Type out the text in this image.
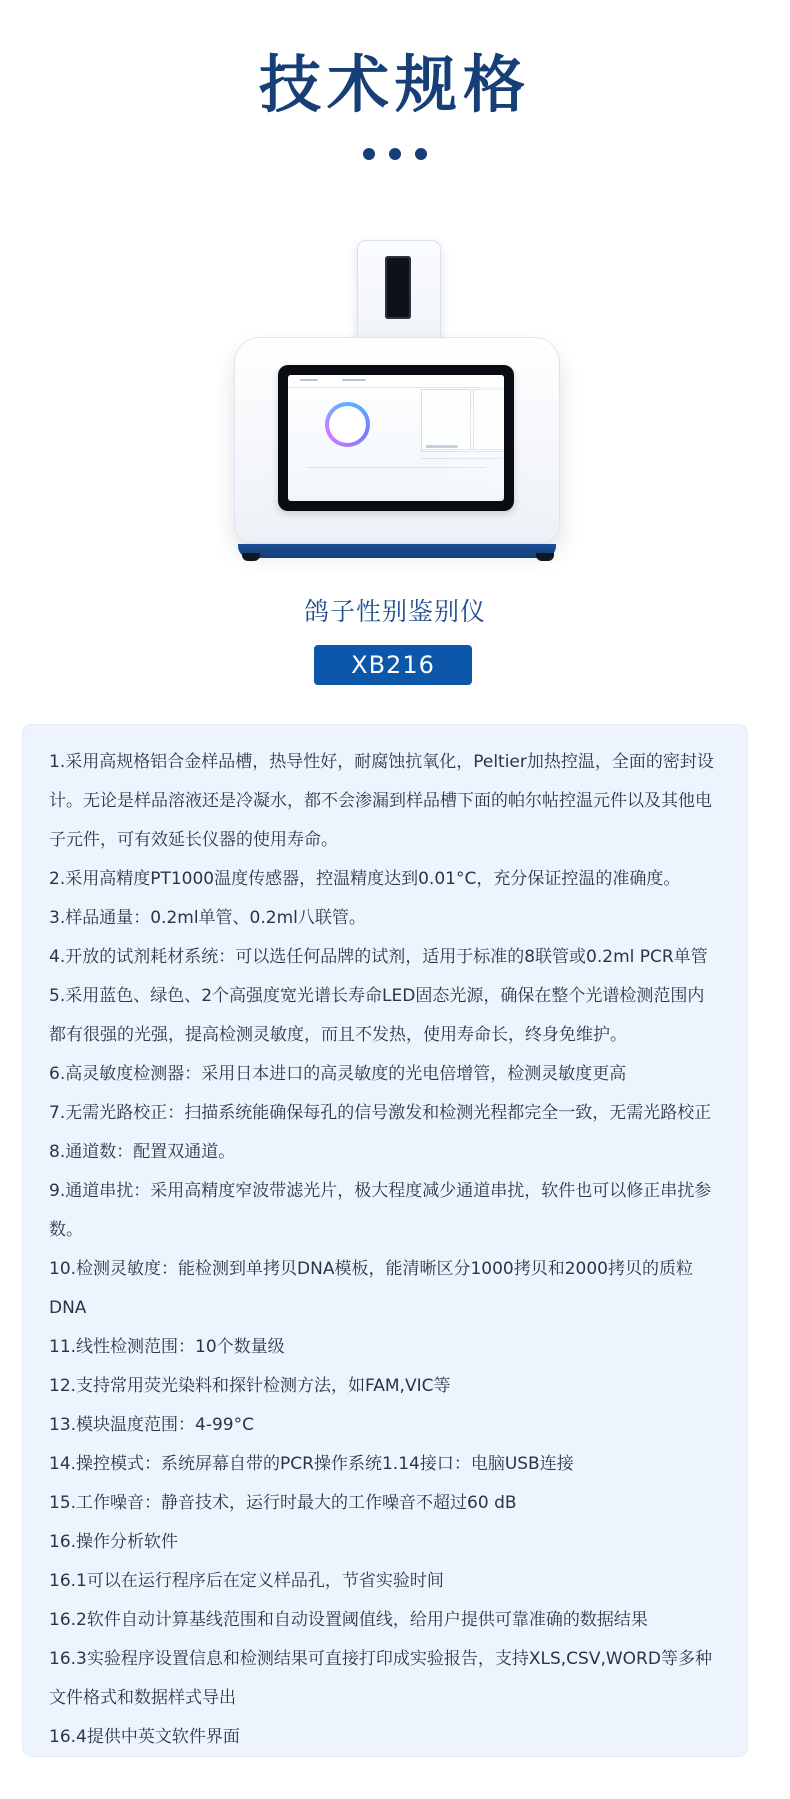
技术规格
鸽子性别鉴别仪
XB216
1.采用高规格铝合金样品槽，热导性好，耐腐蚀抗氧化，Peltier加热控温，全面的密封设计。无论是样品溶液还是冷凝水，都不会渗漏到样品槽下面的帕尔帖控温元件以及其他电子元件，可有效延长仪器的使用寿命。
2.采用高精度PT1000温度传感器，控温精度达到0.01°C，充分保证控温的准确度。
3.样品通量：0.2ml单管、0.2ml八联管。
4.开放的试剂耗材系统：可以选任何品牌的试剂，适用于标准的8联管或0.2ml PCR单管
5.采用蓝色、绿色、2个高强度宽光谱长寿命LED固态光源，确保在整个光谱检测范围内都有很强的光强，提高检测灵敏度，而且不发热，使用寿命长，终身免维护。
6.高灵敏度检测器：采用日本进口的高灵敏度的光电倍增管，检测灵敏度更高
7.无需光路校正：扫描系统能确保每孔的信号激发和检测光程都完全一致，无需光路校正
8.通道数：配置双通道。
9.通道串扰：采用高精度窄波带滤光片，极大程度减少通道串扰，软件也可以修正串扰参数。
10.检测灵敏度：能检测到单拷贝DNA模板，能清晰区分1000拷贝和2000拷贝的质粒DNA
11.线性检测范围：10个数量级
12.支持常用荧光染料和探针检测方法，如FAM,VIC等
13.模块温度范围：4-99°C
14.操控模式：系统屏幕自带的PCR操作系统1.14接口：电脑USB连接
15.工作噪音：静音技术，运行时最大的工作噪音不超过60 dB
16.操作分析软件
16.1可以在运行程序后在定义样品孔，节省实验时间
16.2软件自动计算基线范围和自动设置阈值线，给用户提供可靠准确的数据结果
16.3实验程序设置信息和检测结果可直接打印成实验报告，支持XLS,CSV,WORD等多种文件格式和数据样式导出
16.4提供中英文软件界面
